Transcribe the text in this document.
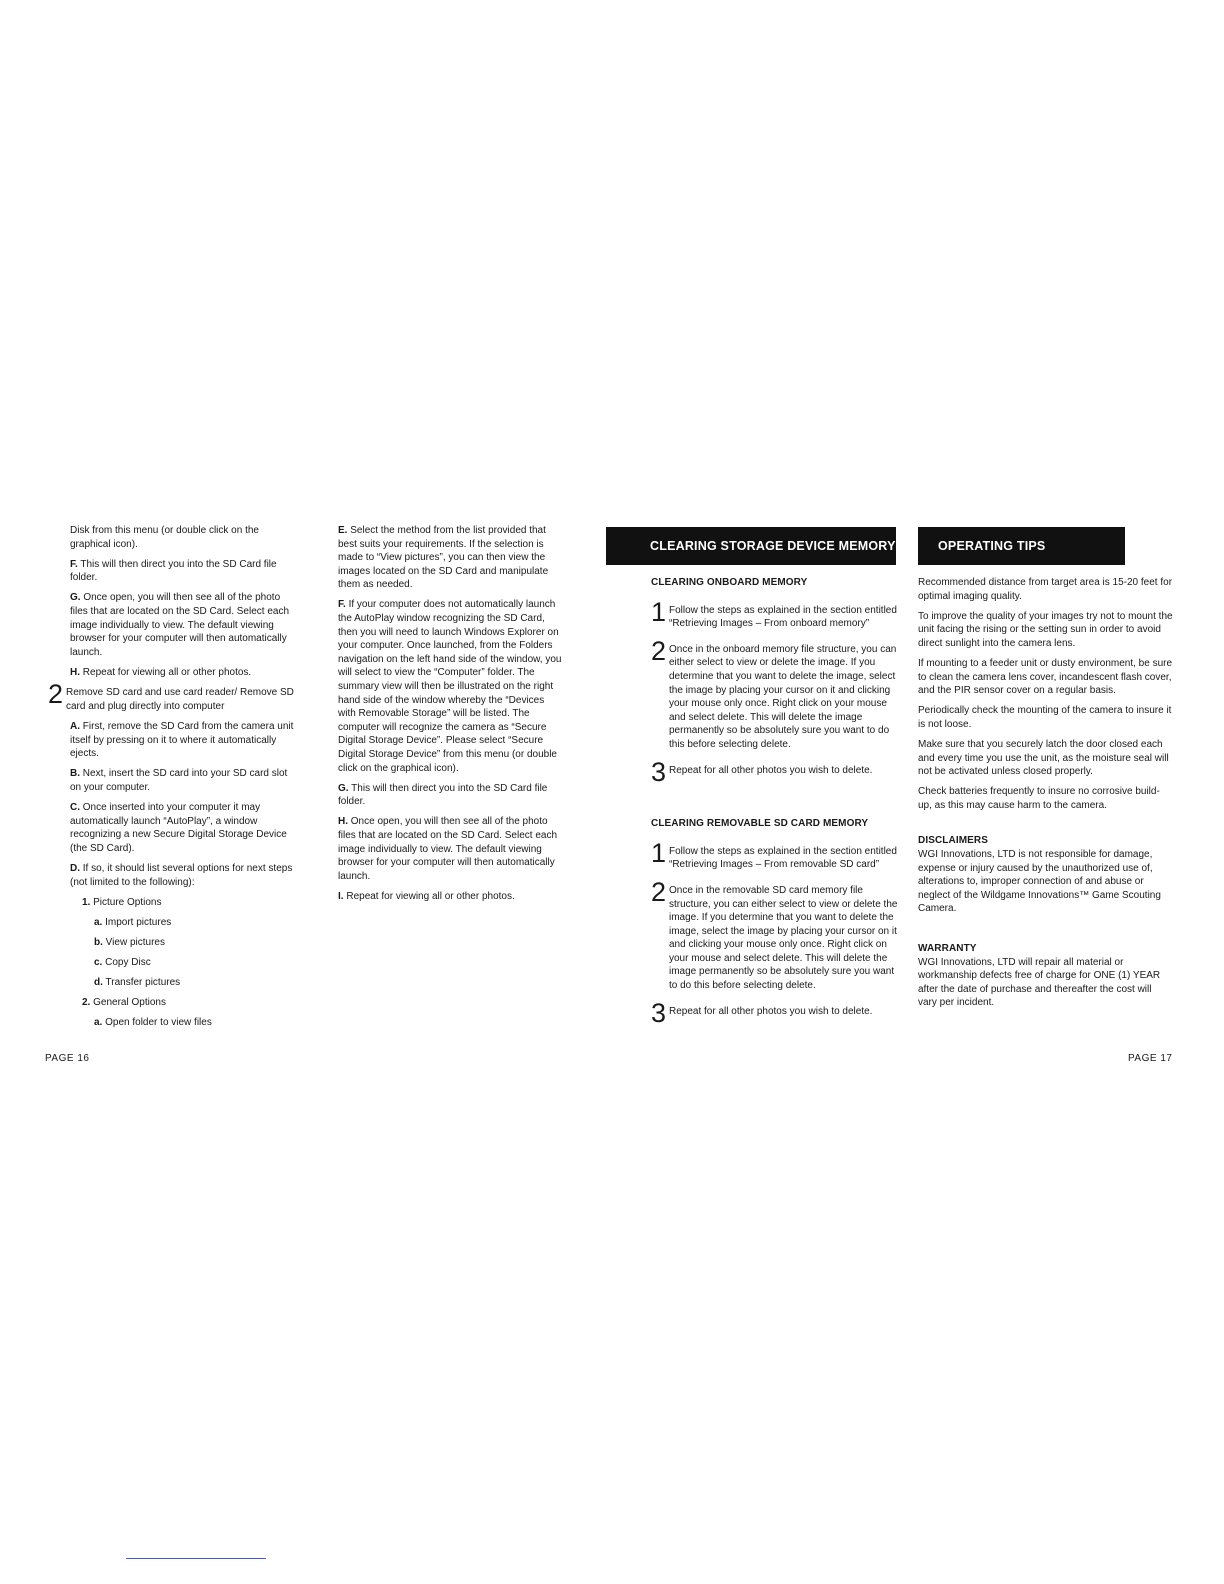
Disk from this menu (or double click on the graphical icon).

F. This will then direct you into the SD Card file folder.

G. Once open, you will then see all of the photo files that are located on the SD Card. Select each image individually to view. The default viewing browser for your computer will then automatically launch.

H. Repeat for viewing all or other photos.

2 Remove SD card and use card reader/ Remove SD card and plug directly into computer

A. First, remove the SD Card from the camera unit itself by pressing on it to where it automatically ejects.

B. Next, insert the SD card into your SD card slot on your computer.

C. Once inserted into your computer it may automatically launch “AutoPlay”, a window recognizing a new Secure Digital Storage Device (the SD Card).

D. If so, it should list several options for next steps (not limited to the following):

1. Picture Options

a. Import pictures

b. View pictures

c. Copy Disc

d. Transfer pictures

2. General Options

a. Open folder to view files

E. Select the method from the list provided that best suits your requirements. If the selection is made to “View pictures”, you can then view the images located on the SD Card and manipulate them as needed.

F. If your computer does not automatically launch the AutoPlay window recognizing the SD Card, then you will need to launch Windows Explorer on your computer. Once launched, from the Folders navigation on the left hand side of the window, you will select to view the “Computer” folder. The summary view will then be illustrated on the right hand side of the window whereby the “Devices with Removable Storage” will be listed. The computer will recognize the camera as “Secure Digital Storage Device”. Please select “Secure Digital Storage Device” from this menu (or double click on the graphical icon).

G. This will then direct you into the SD Card file folder.

H. Once open, you will then see all of the photo files that are located on the SD Card. Select each image individually to view. The default viewing browser for your computer will then automatically launch.

I. Repeat for viewing all or other photos.

CLEARING STORAGE DEVICE MEMORY
CLEARING ONBOARD MEMORY
1 Follow the steps as explained in the section entitled “Retrieving Images – From onboard memory”
2 Once in the onboard memory file structure, you can either select to view or delete the image. If you determine that you want to delete the image, select the image by placing your cursor on it and clicking your mouse only once. Right click on your mouse and select delete. This will delete the image permanently so be absolutely sure you want to do this before selecting delete.
3 Repeat for all other photos you wish to delete.
CLEARING REMOVABLE SD CARD MEMORY
1 Follow the steps as explained in the section entitled “Retrieving Images – From removable SD card”
2 Once in the removable SD card memory file structure, you can either select to view or delete the image. If you determine that you want to delete the image, select the image by placing your cursor on it and clicking your mouse only once. Right click on your mouse and select delete. This will delete the image permanently so be absolutely sure you want to do this before selecting delete.
3 Repeat for all other photos you wish to delete.
OPERATING TIPS

Recommended distance from target area is 15-20 feet for optimal imaging quality.

To improve the quality of your images try not to mount the unit facing the rising or the setting sun in order to avoid direct sunlight into the camera lens.

If mounting to a feeder unit or dusty environment, be sure to clean the camera lens cover, incandescent flash cover, and the PIR sensor cover on a regular basis.

Periodically check the mounting of the camera to insure it is not loose.

Make sure that you securely latch the door closed each and every time you use the unit, as the moisture seal will not be activated unless closed properly.

Check batteries frequently to insure no corrosive build-up, as this may cause harm to the camera.

DISCLAIMERS

WGI Innovations, LTD is not responsible for damage, expense or injury caused by the unauthorized use of, alterations to, improper connection of and abuse or neglect of the Wildgame Innovations™ Game Scouting Camera.

WARRANTY

WGI Innovations, LTD will repair all material or workmanship defects free of charge for ONE (1) YEAR after the date of purchase and thereafter the cost will vary per incident.

PAGE 16	PAGE 17
